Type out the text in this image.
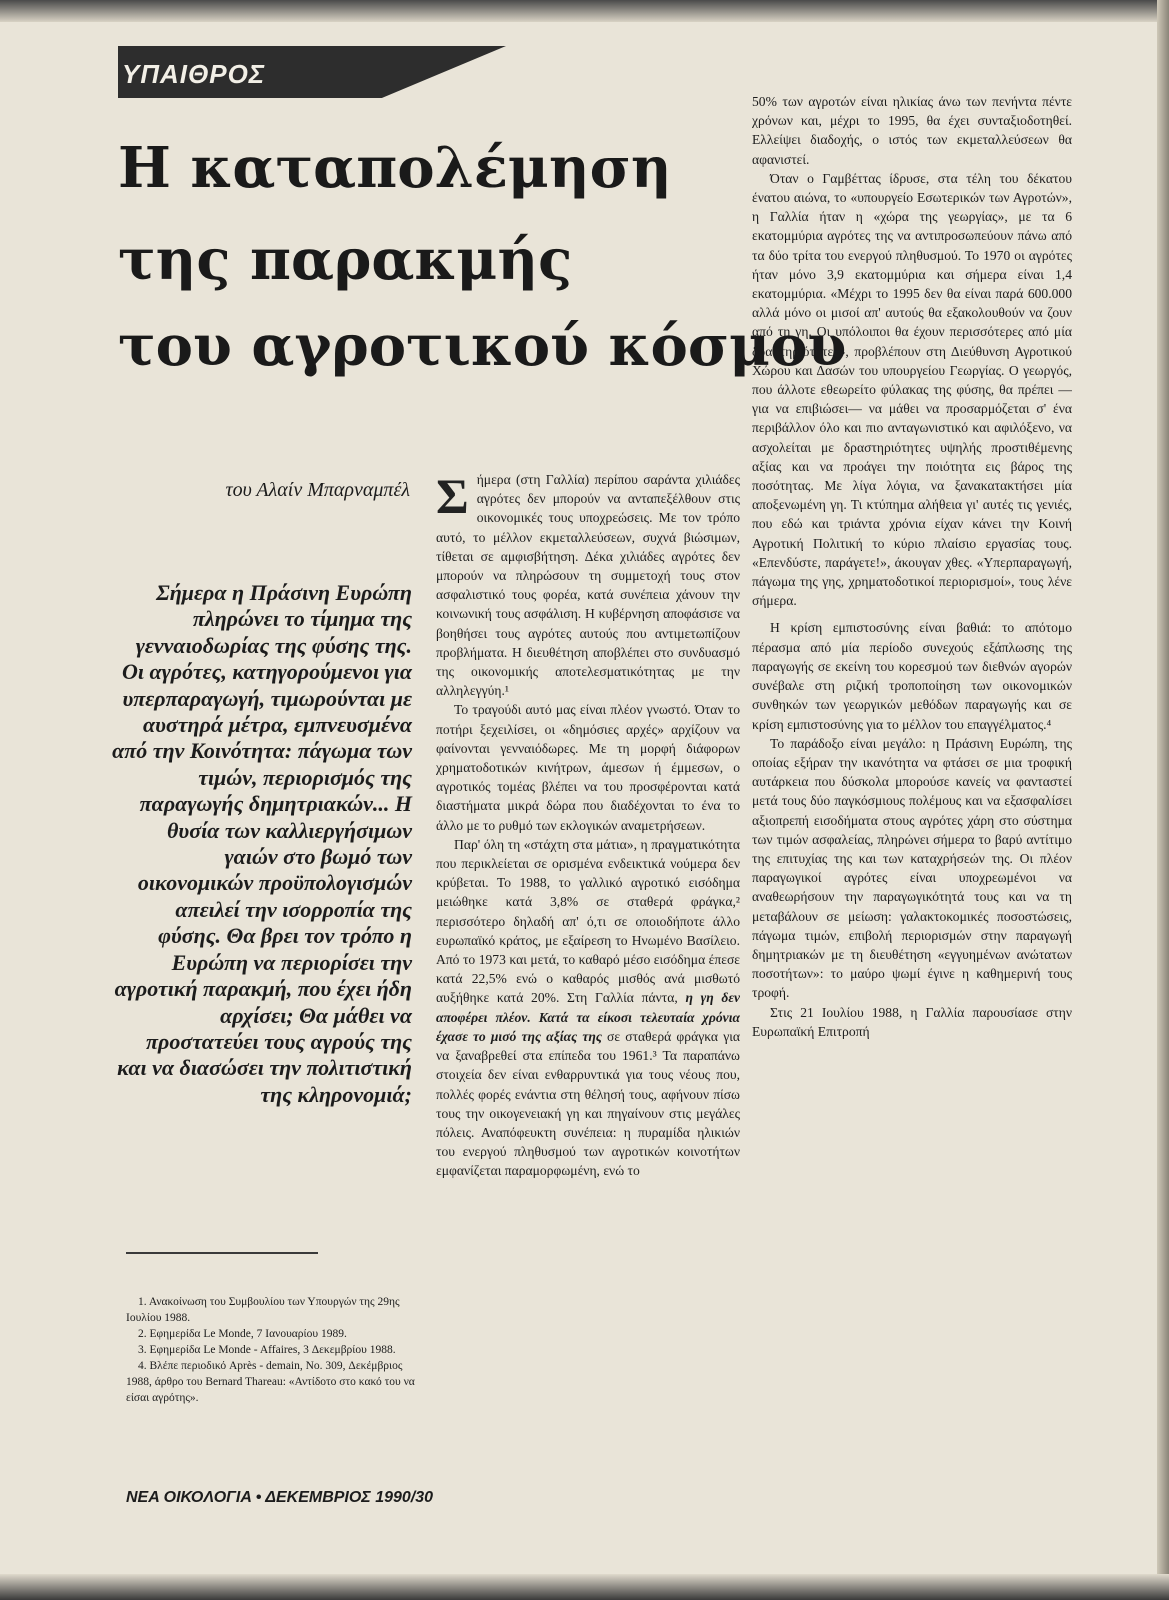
ΥΠΑΙΘΡΟΣ
Η καταπολέμηση
της παρακμής
του αγροτικού κόσμου
του Αλαίν Μπαρναμπέλ

Σήμερα η Πράσινη Ευρώπη πληρώνει το τίμημα της γενναιοδωρίας της φύσης της. Οι αγρότες, κατηγορούμενοι για υπερπαραγωγή, τιμωρούνται με αυστηρά μέτρα, εμπνευσμένα από την Κοινότητα: πάγωμα των τιμών, περιορισμός της παραγωγής δημητριακών... Η θυσία των καλλιεργήσιμων γαιών στο βωμό των οικονομικών προϋπολογισμών απειλεί την ισορροπία της φύσης. Θα βρει τον τρόπο η Ευρώπη να περιορίσει την αγροτική παρακμή, που έχει ήδη αρχίσει; Θα μάθει να προστατεύει τους αγρούς της και να διασώσει την πολιτιστική της κληρονομιά;

1. Ανακοίνωση του Συμβουλίου των Υπουργών της 29ης Ιουλίου 1988.

2. Εφημερίδα Le Monde, 7 Ιανουαρίου 1989.

3. Εφημερίδα Le Monde - Affaires, 3 Δεκεμβρίου 1988.

4. Βλέπε περιοδικό Après - demain, No. 309, Δεκέμβριος 1988, άρθρο του Bernard Thareau: «Αντίδοτο στο κακό του να είσαι αγρότης».

ΝΕΑ ΟΙΚΟΛΟΓΙΑ • ΔΕΚΕΜΒΡΙΟΣ 1990/30

Σήμερα (στη Γαλλία) περίπου σαράντα χιλιάδες αγρότες δεν μπορούν να ανταπεξέλθουν στις οικονομικές τους υποχρεώσεις. Με τον τρόπο αυτό, το μέλλον εκμεταλλεύσεων, συχνά βιώσιμων, τίθεται σε αμφισβήτηση. Δέκα χιλιάδες αγρότες δεν μπορούν να πληρώσουν τη συμμετοχή τους στον ασφαλιστικό τους φορέα, κατά συνέπεια χάνουν την κοινωνική τους ασφάλιση. Η κυβέρνηση αποφάσισε να βοηθήσει τους αγρότες αυτούς που αντιμετωπίζουν προβλήματα. Η διευθέτηση αποβλέπει στο συνδυασμό της οικονομικής αποτελεσματικότητας με την αλληλεγγύη.¹

Το τραγούδι αυτό μας είναι πλέον γνωστό. Όταν το ποτήρι ξεχειλίσει, οι «δημόσιες αρχές» αρχίζουν να φαίνονται γενναιόδωρες. Με τη μορφή διάφορων χρηματοδοτικών κινήτρων, άμεσων ή έμμεσων, ο αγροτικός τομέας βλέπει να του προσφέρονται κατά διαστήματα μικρά δώρα που διαδέχονται το ένα το άλλο με το ρυθμό των εκλογικών αναμετρήσεων.

Παρ' όλη τη «στάχτη στα μάτια», η πραγματικότητα που περικλείεται σε ορισμένα ενδεικτικά νούμερα δεν κρύβεται. Το 1988, το γαλλικό αγροτικό εισόδημα μειώθηκε κατά 3,8% σε σταθερά φράγκα,² περισσότερο δηλαδή απ' ό,τι σε οποιοδήποτε άλλο ευρωπαϊκό κράτος, με εξαίρεση το Ηνωμένο Βασίλειο. Από το 1973 και μετά, το καθαρό μέσο εισόδημα έπεσε κατά 22,5% ενώ ο καθαρός μισθός ανά μισθωτό αυξήθηκε κατά 20%. Στη Γαλλία πάντα, η γη δεν αποφέρει πλέον. Κατά τα είκοσι τελευταία χρόνια έχασε το μισό της αξίας της σε σταθερά φράγκα για να ξαναβρεθεί στα επίπεδα του 1961.³ Τα παραπάνω στοιχεία δεν είναι ενθαρρυντικά για τους νέους που, πολλές φορές ενάντια στη θέλησή τους, αφήνουν πίσω τους την οικογενειακή γη και πηγαίνουν στις μεγάλες πόλεις. Αναπόφευκτη συνέπεια: η πυραμίδα ηλικιών του ενεργού πληθυσμού των αγροτικών κοινοτήτων εμφανίζεται παραμορφωμένη, ενώ το

50% των αγροτών είναι ηλικίας άνω των πενήντα πέντε χρόνων και, μέχρι το 1995, θα έχει συνταξιοδοτηθεί. Ελλείψει διαδοχής, ο ιστός των εκμεταλλεύσεων θα αφανιστεί.

Όταν ο Γαμβέττας ίδρυσε, στα τέλη του δέκατου ένατου αιώνα, το «υπουργείο Εσωτερικών των Αγροτών», η Γαλλία ήταν η «χώρα της γεωργίας», με τα 6 εκατομμύρια αγρότες της να αντιπροσωπεύουν πάνω από τα δύο τρίτα του ενεργού πληθυσμού. Το 1970 οι αγρότες ήταν μόνο 3,9 εκατομμύρια και σήμερα είναι 1,4 εκατομμύρια. «Μέχρι το 1995 δεν θα είναι παρά 600.000 αλλά μόνο οι μισοί απ' αυτούς θα εξακολουθούν να ζουν από τη γη. Οι υπόλοιποι θα έχουν περισσότερες από μία δραστηριότητες», προβλέπουν στη Διεύθυνση Αγροτικού Χώρου και Δασών του υπουργείου Γεωργίας. Ο γεωργός, που άλλοτε εθεωρείτο φύλακας της φύσης, θα πρέπει —για να επιβιώσει— να μάθει να προσαρμόζεται σ' ένα περιβάλλον όλο και πιο ανταγωνιστικό και αφιλόξενο, να ασχολείται με δραστηριότητες υψηλής προστιθέμενης αξίας και να προάγει την ποιότητα εις βάρος της ποσότητας. Με λίγα λόγια, να ξανακατακτήσει μία αποξενωμένη γη. Τι κτύπημα αλήθεια γι' αυτές τις γενιές, που εδώ και τριάντα χρόνια είχαν κάνει την Κοινή Αγροτική Πολιτική το κύριο πλαίσιο εργασίας τους. «Επενδύστε, παράγετε!», άκουγαν χθες. «Υπερπαραγωγή, πάγωμα της γης, χρηματοδοτικοί περιορισμοί», τους λένε σήμερα.

Η κρίση εμπιστοσύνης είναι βαθιά: το απότομο πέρασμα από μία περίοδο συνεχούς εξάπλωσης της παραγωγής σε εκείνη του κορεσμού των διεθνών αγορών συνέβαλε στη ριζική τροποποίηση των οικονομικών συνθηκών των γεωργικών μεθόδων παραγωγής και σε κρίση εμπιστοσύνης για το μέλλον του επαγγέλματος.⁴

Το παράδοξο είναι μεγάλο: η Πράσινη Ευρώπη, της οποίας εξήραν την ικανότητα να φτάσει σε μια τροφική αυτάρκεια που δύσκολα μπορούσε κανείς να φανταστεί μετά τους δύο παγκόσμιους πολέμους και να εξασφαλίσει αξιοπρεπή εισοδήματα στους αγρότες χάρη στο σύστημα των τιμών ασφαλείας, πληρώνει σήμερα το βαρύ αντίτιμο της επιτυχίας της και των καταχρήσεών της. Οι πλέον παραγωγικοί αγρότες είναι υποχρεωμένοι να αναθεωρήσουν την παραγωγικότητά τους και να τη μεταβάλουν σε μείωση: γαλακτοκομικές ποσοστώσεις, πάγωμα τιμών, επιβολή περιορισμών στην παραγωγή δημητριακών με τη διευθέτηση «εγγυημένων ανώτατων ποσοτήτων»: το μαύρο ψωμί έγινε η καθημερινή τους τροφή.

Στις 21 Ιουλίου 1988, η Γαλλία παρουσίασε στην Ευρωπαϊκή Επιτροπή
